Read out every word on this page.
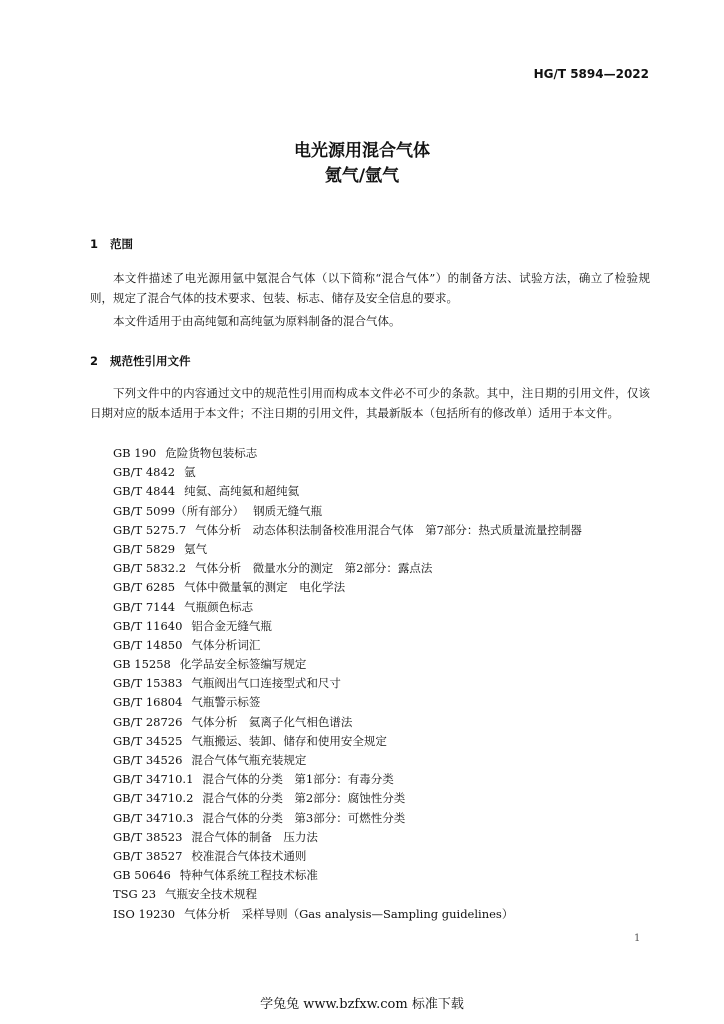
HG/T 5894—2022
电光源用混合气体
氪气/氩气
1 范围

本文件描述了电光源用氩中氪混合气体（以下简称“混合气体”）的制备方法、试验方法，确立了检验规则，规定了混合气体的技术要求、包装、标志、储存及安全信息的要求。

本文件适用于由高纯氪和高纯氩为原料制备的混合气体。

2 规范性引用文件

下列文件中的内容通过文中的规范性引用而构成本文件必不可少的条款。其中，注日期的引用文件，仅该日期对应的版本适用于本文件；不注日期的引用文件，其最新版本（包括所有的修改单）适用于本文件。

GB 190 危险货物包装标志
GB/T 4842 氩
GB/T 4844 纯氦、高纯氦和超纯氦
GB/T 5099（所有部分） 钢质无缝气瓶
GB/T 5275.7 气体分析　动态体积法制备校准用混合气体　第7部分：热式质量流量控制器
GB/T 5829 氪气
GB/T 5832.2 气体分析　微量水分的测定　第2部分：露点法
GB/T 6285 气体中微量氧的测定　电化学法
GB/T 7144 气瓶颜色标志
GB/T 11640 铝合金无缝气瓶
GB/T 14850 气体分析词汇
GB 15258 化学品安全标签编写规定
GB/T 15383 气瓶阀出气口连接型式和尺寸
GB/T 16804 气瓶警示标签
GB/T 28726 气体分析　氦离子化气相色谱法
GB/T 34525 气瓶搬运、装卸、储存和使用安全规定
GB/T 34526 混合气体气瓶充装规定
GB/T 34710.1 混合气体的分类　第1部分：有毒分类
GB/T 34710.2 混合气体的分类　第2部分：腐蚀性分类
GB/T 34710.3 混合气体的分类　第3部分：可燃性分类
GB/T 38523 混合气体的制备　压力法
GB/T 38527 校准混合气体技术通则
GB 50646 特种气体系统工程技术标准
TSG 23 气瓶安全技术规程
ISO 19230 气体分析　采样导则（Gas analysis—Sampling guidelines）
1
学兔兔 www.bzfxw.com 标准下载
